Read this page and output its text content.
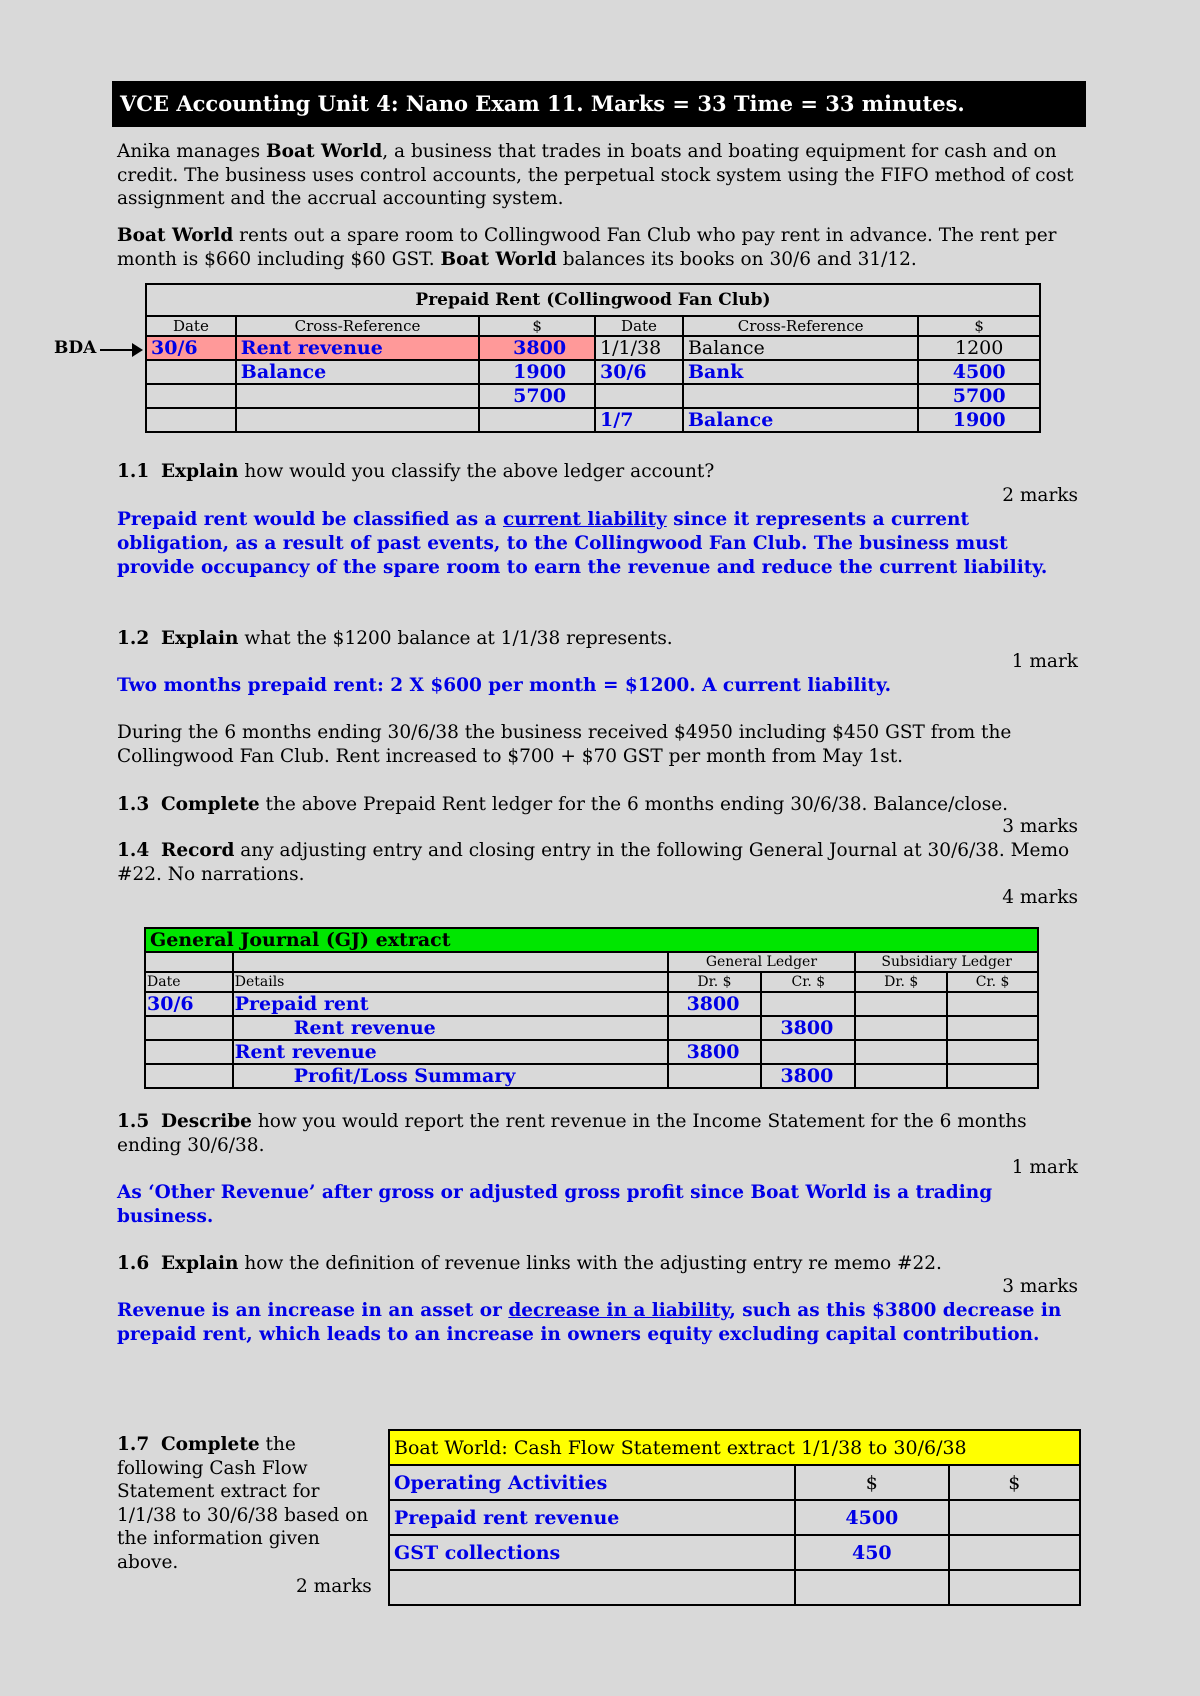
VCE Accounting Unit 4: Nano Exam 11. Marks = 33 Time = 33 minutes.
Anika manages Boat World, a business that trades in boats and boating equipment for cash and on credit. The business uses control accounts, the perpetual stock system using the FIFO method of cost assignment and the accrual accounting system.
Boat World rents out a spare room to Collingwood Fan Club who pay rent in advance. The rent per month is $660 including $60 GST. Boat World balances its books on 30/6 and 31/12.
BDA
Prepaid Rent (Collingwood Fan Club)					
Date	Cross-Reference	$	Date	Cross-Reference	$
30/6	Rent revenue	3800	1/1/38	Balance	1200
	Balance	1900	30/6	Bank	4500
		5700			5700
			1/7	Balance	1900
1.1 Explain how would you classify the above ledger account?
2 marks
Prepaid rent would be classified as a current liability since it represents a current obligation, as a result of past events, to the Collingwood Fan Club. The business must provide occupancy of the spare room to earn the revenue and reduce the current liability.
1.2 Explain what the $1200 balance at 1/1/38 represents.
1 mark
Two months prepaid rent: 2 X $600 per month = $1200. A current liability.
During the 6 months ending 30/6/38 the business received $4950 including $450 GST from the Collingwood Fan Club. Rent increased to $700 + $70 GST per month from May 1st.
1.3 Complete the above Prepaid Rent ledger for the 6 months ending 30/6/38. Balance/close.
3 marks
1.4 Record any adjusting entry and closing entry in the following General Journal at 30/6/38. Memo #22. No narrations.
4 marks
General Journal (GJ) extract					
		General Ledger		Subsidiary Ledger	
Date	Details	Dr. $	Cr. $	Dr. $	Cr. $
30/6	Prepaid rent	3800			
	Rent revenue		3800		
	Rent revenue	3800			
	Profit/Loss Summary		3800		
1.5 Describe how you would report the rent revenue in the Income Statement for the 6 months ending 30/6/38.
1 mark
As ‘Other Revenue’ after gross or adjusted gross profit since Boat World is a trading business.
1.6 Explain how the definition of revenue links with the adjusting entry re memo #22.
3 marks
Revenue is an increase in an asset or decrease in a liability, such as this $3800 decrease in prepaid rent, which leads to an increase in owners equity excluding capital contribution.
1.7 Complete the following Cash Flow Statement extract for 1/1/38 to 30/6/38 based on the information given above.
2 marks
Boat World: Cash Flow Statement extract 1/1/38 to 30/6/38		
Operating Activities	$	$
Prepaid rent revenue	4500	
GST collections	450	
